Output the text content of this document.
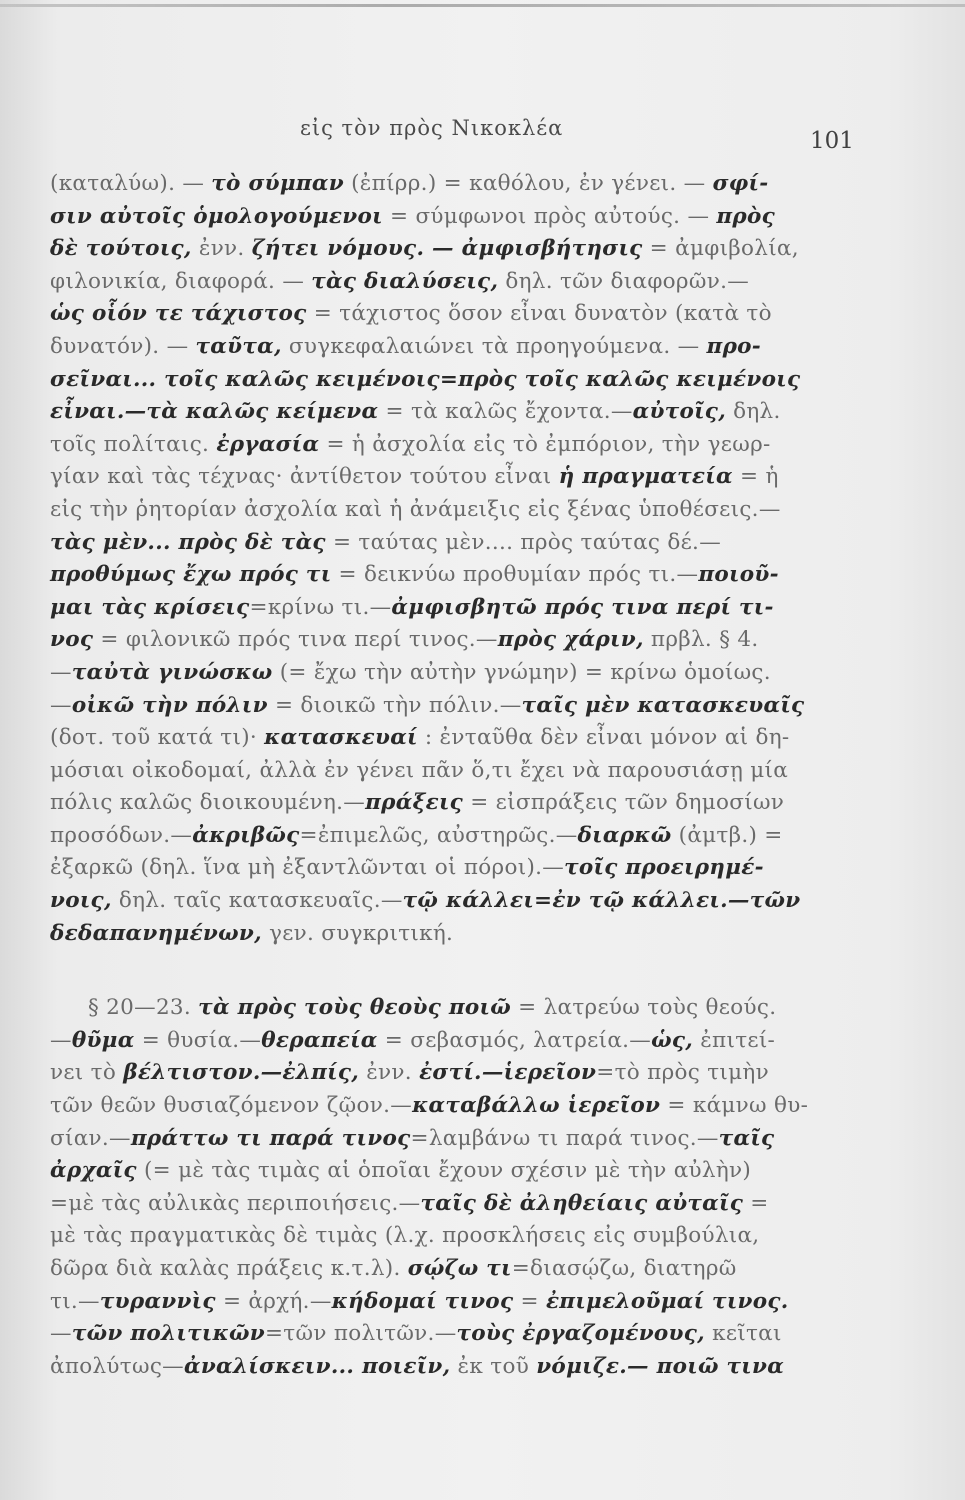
εἰς τὸν πρὸς Νικοκλέα	101
(καταλύω). — τὸ σύμπαν (ἐπίρρ.) = καθόλου, ἐν γένει. — σφί-
σιν αὐτοῖς ὁμολογούμενοι = σύμφωνοι πρὸς αὐτούς. — πρὸς
δὲ τούτοις, ἐνν. ζήτει νόμους. — ἀμφισβήτησις = ἀμφιβολία,
φιλονικία, διαφορά. — τὰς διαλύσεις, δηλ. τῶν διαφορῶν.—
ὡς οἷόν τε τάχιστος = τάχιστος ὅσον εἶναι δυνατὸν (κατὰ τὸ
δυνατόν). — ταῦτα, συγκεφαλαιώνει τὰ προηγούμενα. — προ-
σεῖναι... τοῖς καλῶς κειμένοις=πρὸς τοῖς καλῶς κειμένοις
εἶναι.—τὰ καλῶς κείμενα = τὰ καλῶς ἔχοντα.—αὐτοῖς, δηλ.
τοῖς πολίταις. ἐργασία = ἡ ἀσχολία εἰς τὸ ἐμπόριον, τὴν γεωρ-
γίαν καὶ τὰς τέχνας· ἀντίθετον τούτου εἶναι ἡ πραγματεία = ἡ
εἰς τὴν ῥητορίαν ἀσχολία καὶ ἡ ἀνάμειξις εἰς ξένας ὑποθέσεις.—
τὰς μὲν... πρὸς δὲ τὰς = ταύτας μὲν.... πρὸς ταύτας δέ.—
προθύμως ἔχω πρός τι = δεικνύω προθυμίαν πρός τι.—ποιοῦ-
μαι τὰς κρίσεις=κρίνω τι.—ἀμφισβητῶ πρός τινα περί τι-
νος = φιλονικῶ πρός τινα περί τινος.—πρὸς χάριν, πρβλ. § 4.
—ταὐτὰ γινώσκω (= ἔχω τὴν αὐτὴν γνώμην) = κρίνω ὁμοίως.
—οἰκῶ τὴν πόλιν = διοικῶ τὴν πόλιν.—ταῖς μὲν κατασκευαῖς
(δοτ. τοῦ κατά τι)· κατασκευαί : ἐνταῦθα δὲν εἶναι μόνον αἱ δη-
μόσιαι οἰκοδομαί, ἀλλὰ ἐν γένει πᾶν ὅ,τι ἔχει νὰ παρουσιάσῃ μία
πόλις καλῶς διοικουμένη.—πράξεις = εἰσπράξεις τῶν δημοσίων
προσόδων.—ἀκριβῶς=ἐπιμελῶς, αὐστηρῶς.—διαρκῶ (ἀμτβ.) =
ἐξαρκῶ (δηλ. ἵνα μὴ ἐξαντλῶνται οἱ πόροι).—τοῖς προειρημέ-
νοις, δηλ. ταῖς κατασκευαῖς.—τῷ κάλλει=ἐν τῷ κάλλει.—τῶν
δεδαπανημένων, γεν. συγκριτική.
§ 20—23. τὰ πρὸς τοὺς θεοὺς ποιῶ = λατρεύω τοὺς θεούς.
—θῦμα = θυσία.—θεραπεία = σεβασμός, λατρεία.—ὡς, ἐπιτεί-
νει τὸ βέλτιστον.—ἐλπίς, ἐνν. ἐστί.—ἱερεῖον=τὸ πρὸς τιμὴν
τῶν θεῶν θυσιαζόμενον ζῷον.—καταβάλλω ἱερεῖον = κάμνω θυ-
σίαν.—πράττω τι παρά τινος=λαμβάνω τι παρά τινος.—ταῖς
ἀρχαῖς (= μὲ τὰς τιμὰς αἱ ὁποῖαι ἔχουν σχέσιν μὲ τὴν αὐλὴν)
=μὲ τὰς αὐλικὰς περιποιήσεις.—ταῖς δὲ ἀληθείαις αὐταῖς =
μὲ τὰς πραγματικὰς δὲ τιμὰς (λ.χ. προσκλήσεις εἰς συμβούλια,
δῶρα διὰ καλὰς πράξεις κ.τ.λ). σῴζω τι=διασῴζω, διατηρῶ
τι.—τυραννὶς = ἀρχή.—κήδομαί τινος = ἐπιμελοῦμαί τινος.
—τῶν πολιτικῶν=τῶν πολιτῶν.—τοὺς ἐργαζομένους, κεῖται
ἀπολύτως—ἀναλίσκειν... ποιεῖν, ἐκ τοῦ νόμιζε.— ποιῶ τινα
